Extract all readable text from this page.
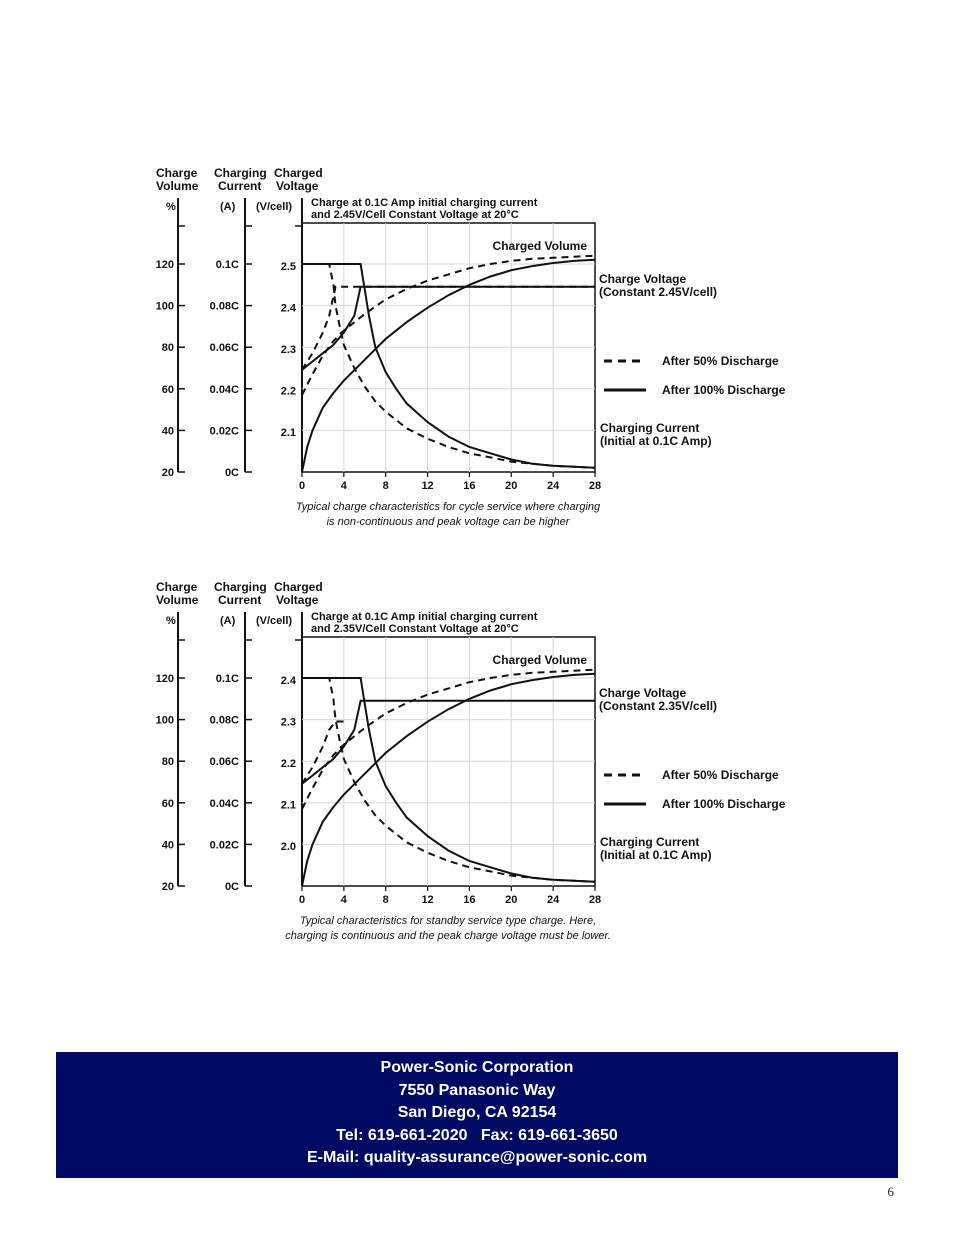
Charge
Volume
Charging
Current
Charged
Voltage
%	(A) (V/cell)
20
40
60
80
100
120
0C
0.02C
0.04C
0.06C
0.08C
0.1C
2.1
2.2
2.3
2.4
2.5
0	4	8	12	16	20	24	28
Charge at 0.1C Amp initial charging current
and 2.45V/Cell Constant Voltage at 20°C
Charged Volume
Charge Voltage
(Constant 2.45V/cell)
After 50% Discharge
After 100% Discharge
Charging Current
(Initial at 0.1C Amp)
Typical charge characteristics for cycle service where charging
is non-continuous and peak voltage can be higher
Charge
Volume
Charging
Current
Charged
Voltage
%	(A) (V/cell)
20
40
60
80
100
120
0C
0.02C
0.04C
0.06C
0.08C
0.1C
2.0
2.1
2.2
2.3
2.4
0	4	8	12	16	20	24	28
Charge at 0.1C Amp initial charging current
and 2.35V/Cell Constant Voltage at 20°C
Charged Volume
Charge Voltage
(Constant 2.35V/cell)
After 50% Discharge
After 100% Discharge
Charging Current
(Initial at 0.1C Amp)
Typical characteristics for standby service type charge. Here,
charging is continuous and the peak charge voltage must be lower.
Power-Sonic Corporation
7550 Panasonic Way
San Diego, CA 92154
Tel: 619-661-2020   Fax: 619-661-3650
E-Mail: quality-assurance@power-sonic.com
6
